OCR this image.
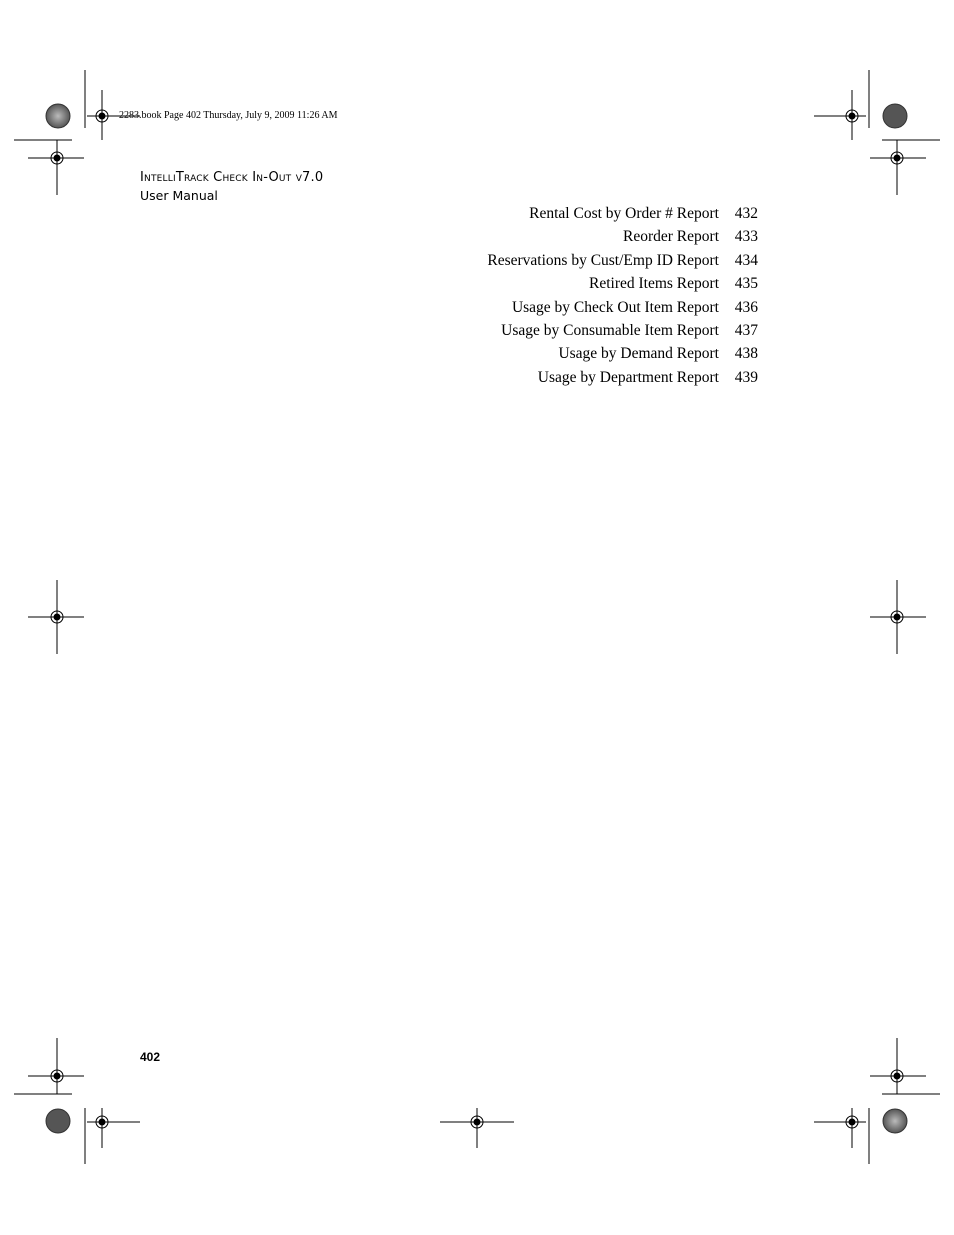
2283.book Page 402 Thursday, July 9, 2009 11:26 AM
IntelliTrack Check In-Out v7.0
User Manual
Rental Cost by Order # Report 432
Reorder Report 433
Reservations by Cust/Emp ID Report 434
Retired Items Report 435
Usage by Check Out Item Report 436
Usage by Consumable Item Report 437
Usage by Demand Report 438
Usage by Department Report 439
402
